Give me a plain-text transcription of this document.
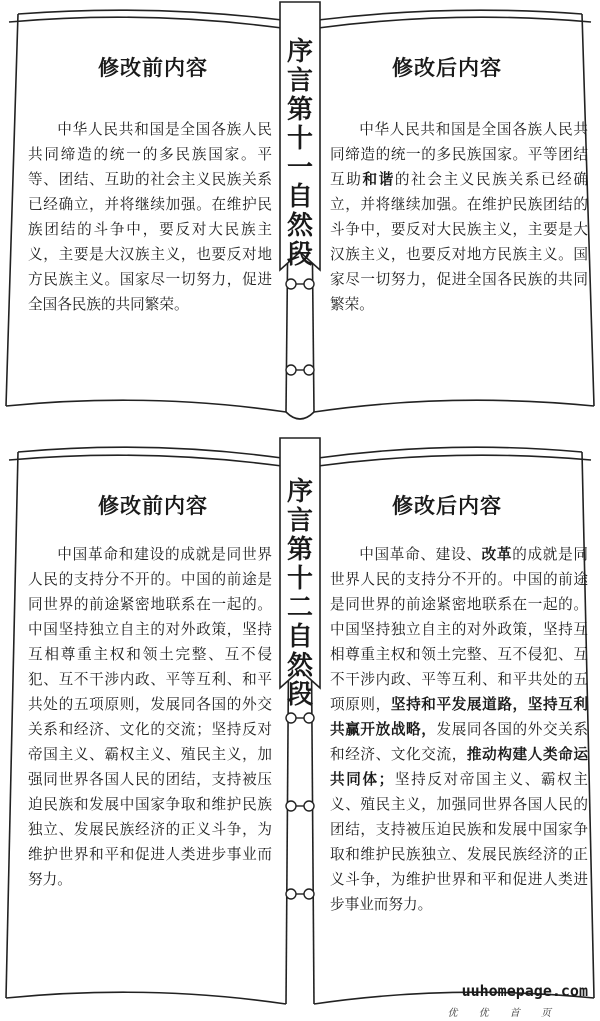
序言第十一自然段
修改前内容
中华人民共和国是全国各族人民共同缔造的统一的多民族国家。平等、团结、互助的社会主义民族关系已经确立，并将继续加强。在维护民族团结的斗争中，要反对大民族主义，主要是大汉族主义，也要反对地方民族主义。国家尽一切努力，促进全国各民族的共同繁荣。
修改后内容
中华人民共和国是全国各族人民共同缔造的统一的多民族国家。平等团结互助和谐的社会主义民族关系已经确立，并将继续加强。在维护民族团结的斗争中，要反对大民族主义，主要是大汉族主义，也要反对地方民族主义。国家尽一切努力，促进全国各民族的共同繁荣。
序言第十二自然段
修改前内容
中国革命和建设的成就是同世界人民的支持分不开的。中国的前途是同世界的前途紧密地联系在一起的。中国坚持独立自主的对外政策，坚持互相尊重主权和领土完整、互不侵犯、互不干涉内政、平等互利、和平共处的五项原则，发展同各国的外交关系和经济、文化的交流；坚持反对帝国主义、霸权主义、殖民主义，加强同世界各国人民的团结，支持被压迫民族和发展中国家争取和维护民族独立、发展民族经济的正义斗争，为维护世界和平和促进人类进步事业而努力。
修改后内容
中国革命、建设、改革的成就是同世界人民的支持分不开的。中国的前途是同世界的前途紧密地联系在一起的。中国坚持独立自主的对外政策，坚持互相尊重主权和领土完整、互不侵犯、互不干涉内政、平等互利、和平共处的五项原则，坚持和平发展道路，坚持互利共赢开放战略，发展同各国的外交关系和经济、文化交流，推动构建人类命运共同体；坚持反对帝国主义、霸权主义、殖民主义，加强同世界各国人民的团结，支持被压迫民族和发展中国家争取和维护民族独立、发展民族经济的正义斗争，为维护世界和平和促进人类进步事业而努力。
uuhomepage.com
优 优 首 页
